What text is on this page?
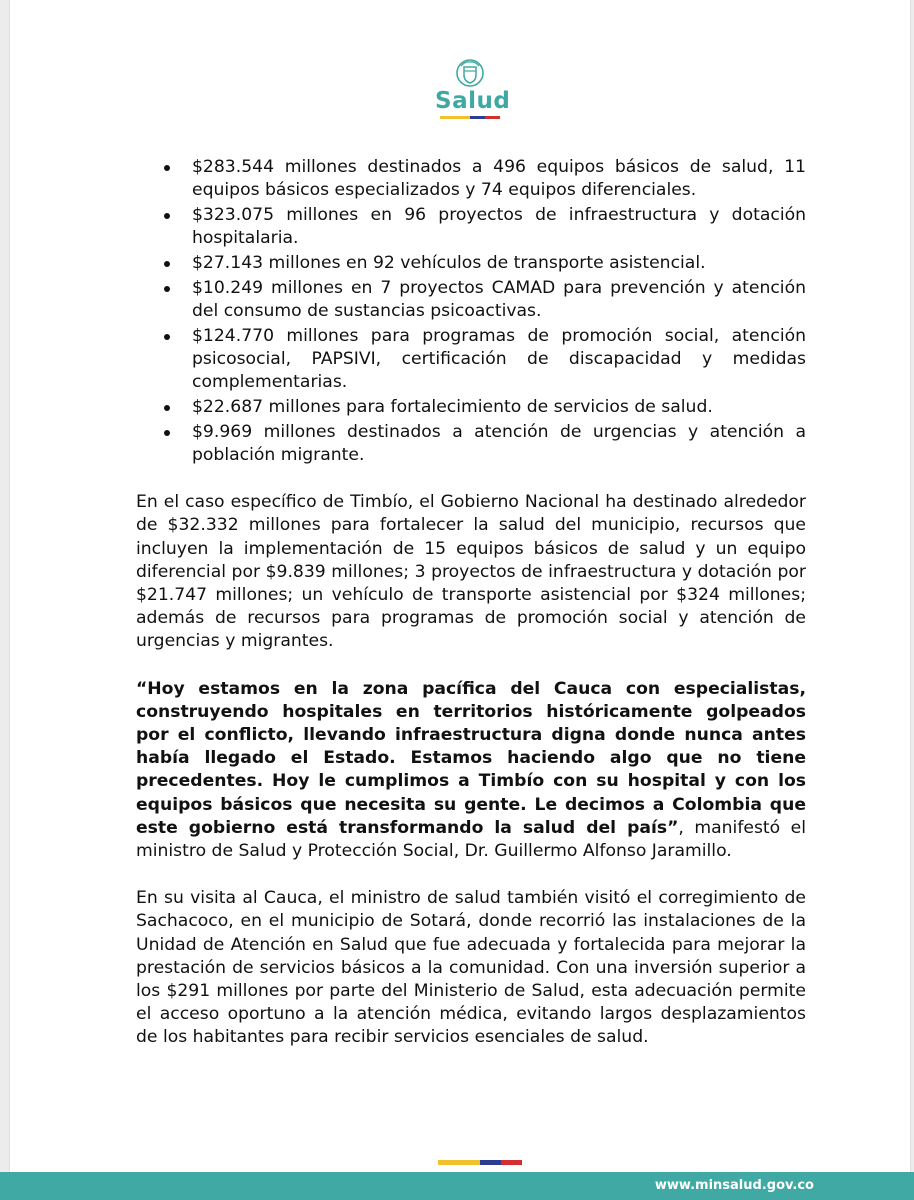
Salud
$283.544 millones destinados a 496 equipos básicos de salud, 11 equipos básicos especializados y 74 equipos diferenciales.
$323.075 millones en 96 proyectos de infraestructura y dotación hospitalaria.
$27.143 millones en 92 vehículos de transporte asistencial.
$10.249 millones en 7 proyectos CAMAD para prevención y atención del consumo de sustancias psicoactivas.
$124.770 millones para programas de promoción social, atención psicosocial, PAPSIVI, certificación de discapacidad y medidas complementarias.
$22.687 millones para fortalecimiento de servicios de salud.
$9.969 millones destinados a atención de urgencias y atención a población migrante.

En el caso específico de Timbío, el Gobierno Nacional ha destinado alrededor de $32.332 millones para fortalecer la salud del municipio, recursos que incluyen la implementación de 15 equipos básicos de salud y un equipo diferencial por $9.839 millones; 3 proyectos de infraestructura y dotación por $21.747 millones; un vehículo de transporte asistencial por $324 millones; además de recursos para programas de promoción social y atención de urgencias y migrantes.

“Hoy estamos en la zona pacífica del Cauca con especialistas, construyendo hospitales en territorios históricamente golpeados por el conflicto, llevando infraestructura digna donde nunca antes había llegado el Estado. Estamos haciendo algo que no tiene precedentes. Hoy le cumplimos a Timbío con su hospital y con los equipos básicos que necesita su gente. Le decimos a Colombia que este gobierno está transformando la salud del país”, manifestó el ministro de Salud y Protección Social, Dr. Guillermo Alfonso Jaramillo.

En su visita al Cauca, el ministro de salud también visitó el corregimiento de Sachacoco, en el municipio de Sotará, donde recorrió las instalaciones de la Unidad de Atención en Salud que fue adecuada y fortalecida para mejorar la prestación de servicios básicos a la comunidad. Con una inversión superior a los $291 millones por parte del Ministerio de Salud, esta adecuación permite el acceso oportuno a la atención médica, evitando largos desplazamientos de los habitantes para recibir servicios esenciales de salud.

www.minsalud.gov.co
